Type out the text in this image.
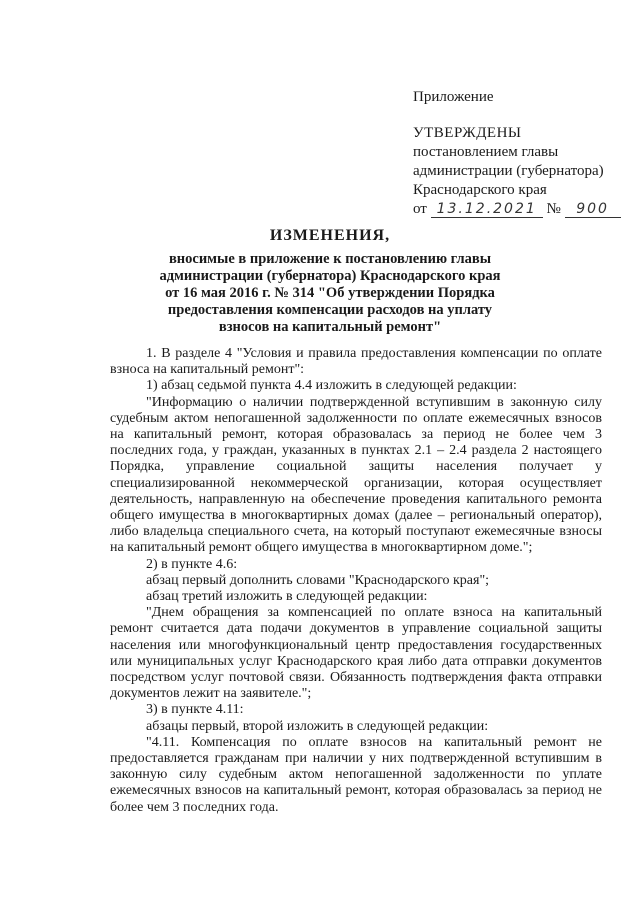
Приложение
УТВЕРЖДЕНЫ
постановлением главы
администрации (губернатора)
Краснодарского края
от 13.12.2021 № 900
ИЗМЕНЕНИЯ,
вносимые в приложение к постановлению главы
администрации (губернатора) Краснодарского края
от 16 мая 2016 г. № 314 "Об утверждении Порядка
предоставления компенсации расходов на уплату
взносов на капитальный ремонт"

1. В разделе 4 "Условия и правила предоставления компенсации по оплате взноса на капитальный ремонт":

1) абзац седьмой пункта 4.4 изложить в следующей редакции:

"Информацию о наличии подтвержденной вступившим в законную силу судебным актом непогашенной задолженности по оплате ежемесячных взносов на капитальный ремонт, которая образовалась за период не более чем 3 последних года, у граждан, указанных в пунктах 2.1 – 2.4 раздела 2 настоящего Порядка, управление социальной защиты населения получает у специализированной некоммерческой организации, которая осуществляет деятельность, направленную на обеспечение проведения капитального ремонта общего имущества в многоквартирных домах (далее – региональный оператор), либо владельца специального счета, на который поступают ежемесячные взносы на капитальный ремонт общего имущества в многоквартирном доме.";

2) в пункте 4.6:

абзац первый дополнить словами "Краснодарского края";

абзац третий изложить в следующей редакции:

"Днем обращения за компенсацией по оплате взноса на капитальный ремонт считается дата подачи документов в управление социальной защиты населения или многофункциональный центр предоставления государственных или муниципальных услуг Краснодарского края либо дата отправки документов посредством услуг почтовой связи. Обязанность подтверждения факта отправки документов лежит на заявителе.";

3) в пункте 4.11:

абзацы первый, второй изложить в следующей редакции:

"4.11. Компенсация по оплате взносов на капитальный ремонт не предоставляется гражданам при наличии у них подтвержденной вступившим в законную силу судебным актом непогашенной задолженности по уплате ежемесячных взносов на капитальный ремонт, которая образовалась за период не более чем 3 последних года.
